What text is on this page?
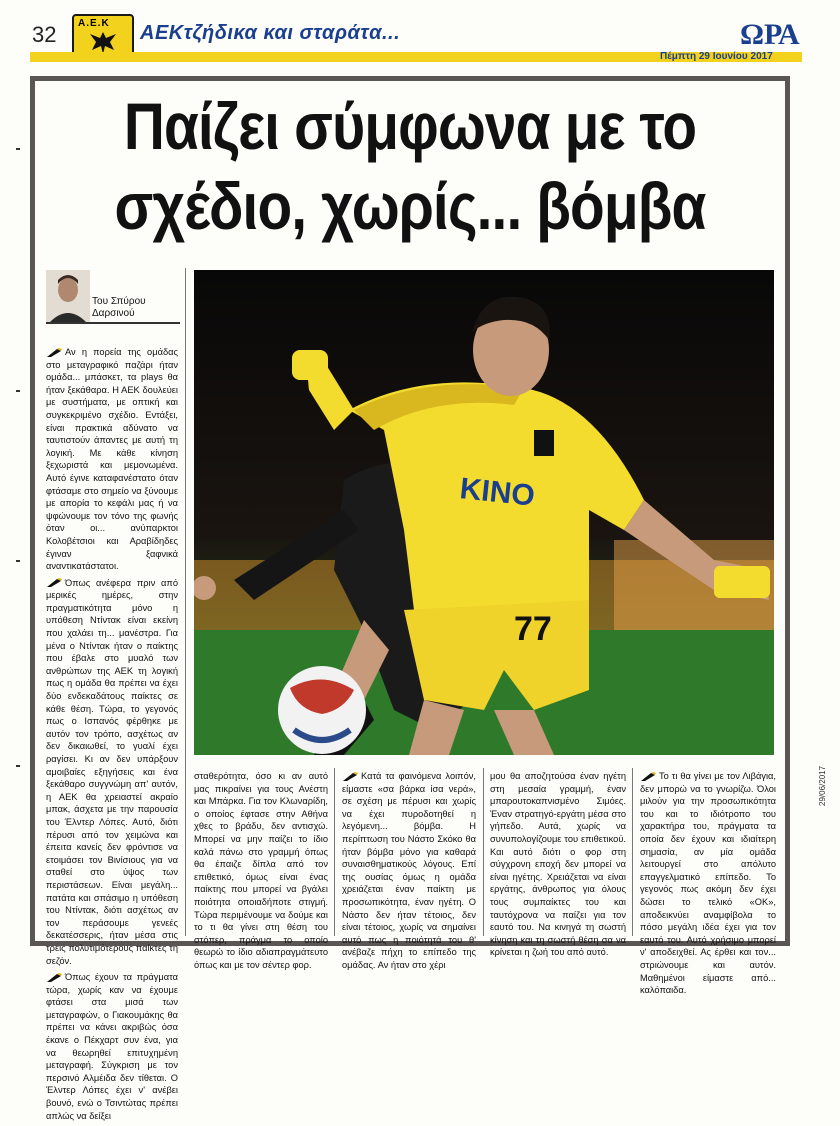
32 Α.Ε.Κ AEKτζήδικα και σταράτα...	ΩΡΑ
Πέμπτη 29 Ιουνίου 2017
Παίζει σύμφωνα με το
σχέδιο, χωρίς... βόμβα
Του Σπύρου
Δαρσινού
KINO
77

Αν η πορεία της ομάδας στο μεταγραφικό παζάρι ήταν ομάδα... μπάσκετ, τα plays θα ήταν ξεκάθαρα. Η ΑΕΚ δουλεύει με συστήματα, με οπτική και συγκεκριμένο σχέδιο. Εντάξει, είναι πρακτικά αδύνατο να ταυτιστούν άπαντες με αυτή τη λογική. Με κάθε κίνηση ξεχωριστά και μεμονωμένα. Αυτό έγινε καταφανέστατο όταν φτάσαμε στο σημείο να ξύνουμε με απορία το κεφάλι μας ή να ψφώνουμε τον τόνο της φωνής όταν οι... ανύπαρκτοι Κολοβέτσιοι και Αραβίδηδες έγιναν ξαφνικά αναντικατάστατοι.

Όπως ανέφερα πριν από μερικές ημέρες, στην πραγματικότητα μόνο η υπόθεση Ντίντακ είναι εκείνη που χαλάει τη... μανέστρα. Για μένα ο Ντίντακ ήταν ο παίκτης που έβαλε στο μυαλό των ανθρώπων της ΑΕΚ τη λογική πως η ομάδα θα πρέπει να έχει δύο ενδεκαδάτους παίκτες σε κάθε θέση. Τώρα, το γεγονός πως ο Ισπανός φέρθηκε με αυτόν τον τρόπο, ασχέτως αν δεν δικαιωθεί, το γυαλί έχει ραγίσει. Κι αν δεν υπάρξουν αμοιβαίες εξηγήσεις και ένα ξεκάθαρο συγγνώμη απ' αυτόν, η ΑΕΚ θα χρειαστεί ακραίο μπακ, άσχετα με την παρουσία του Έλντερ Λόπες. Αυτό, διότι πέρυσι από τον χειμώνα και έπειτα κανείς δεν φρόντισε να ετοιμάσει τον Βινίσιους για να σταθεί στο ύψος των περιστάσεων. Είναι μεγάλη... πατάτα και σπάσιμο η υπόθεση του Ντίντακ, διότι ασχέτως αν τον περάσουμε γενεές δεκατέσσερις, ήταν μέσα στις τρεις πολυτιμότερους παίκτες τη σεζόν.

Όπως έχουν τα πράγματα τώρα, χωρίς καν να έχουμε φτάσει στα μισά των μεταγραφών, ο Γιακουμάκης θα πρέπει να κάνει ακριβώς όσα έκανε ο Πέκχαρτ συν ένα, για να θεωρηθεί επιτυχημένη μεταγραφή. Σύγκριση με τον περσινό Αλμέιδα δεν τίθεται. Ο Έλντερ Λόπες έχει ν' ανέβει βουνό, ενώ ο Τσιντώτας πρέπει απλώς να δείξει

σταθερότητα, όσο κι αν αυτό μας πικραίνει για τους Ανέστη και Μπάρκα. Για τον Κλωναρίδη, ο οποίος έφτασε στην Αθήνα χθες το βράδυ, δεν αντισχώ. Μπορεί να μην παίζει το ίδιο καλά πάνω στο γραμμή όπως θα έπαιζε δίπλα από τον επιθετικό, όμως είναι ένας παίκτης που μπορεί να βγάλει ποιότητα οποιαδήποτε στιγμή. Τώρα περιμένουμε να δούμε και το τι θα γίνει στη θέση του στόπερ, πράγμα το οποίο θεωρώ το ίδιο αδιαπραγμάτευτο όπως και με τον σέντερ φορ.

Κατά τα φαινόμενα λοιπόν, είμαστε «σα βάρκα ίσα νερά», σε σχέση με πέρυσι και χωρίς να έχει πυροδοτηθεί η λεγόμενη... βόμβα. Η περίπτωση του Νάστο Σκόκο θα ήταν βόμβα μόνο για καθαρά συναισθηματικούς λόγους. Επί της ουσίας όμως η ομάδα χρειάζεται έναν παίκτη με προσωπικότητα, έναν ηγέτη. Ο Νάστο δεν ήταν τέτοιος, δεν είναι τέτοιος, χωρίς να σημαίνει αυτό πως η ποιότητά του θ' ανέβαζε πήχη το επίπεδο της ομάδας. Αν ήταν στο χέρι

μου θα αποζητούσα έναν ηγέτη στη μεσαία γραμμή, έναν μπαρουτοκαπνισμένο Σιμόες. Έναν στρατηγό-εργάτη μέσα στο γήπεδο. Αυτά, χωρίς να συνυπολογίζουμε του επιθετικού. Και αυτό διότι ο φορ στη σύγχρονη εποχή δεν μπορεί να είναι ηγέτης. Χρειάζεται να είναι εργάτης, άνθρωπος για όλους τους συμπαίκτες του και ταυτόχρονα να παίζει για τον εαυτό του. Να κινηγά τη σωστή κίνηση και τη σωστή θέση σα να κρίνεται η ζωή του από αυτό.

Το τι θα γίνει με τον Λιβάγια, δεν μπορώ να το γνωρίζω. Όλοι μιλούν για την προσωπικότητα του και το ιδιότροπο του χαρακτήρα του, πράγματα τα οποία δεν έχουν και ιδιαίτερη σημασία, αν μία ομάδα λειτουργεί στο απόλυτο επαγγελματικό επίπεδο. Το γεγονός πως ακόμη δεν έχει δώσει το τελικό «ΟΚ», αποδεικνύει αναμφίβολα το πόσο μεγάλη ιδέα έχει για τον εαυτό του. Αυτό χρήσιμο μπορεί ν' αποδειχθεί. Ας έρθει και τον... στριώνουμε και αυτόν. Μαθημένοι είμαστε από... καλόπαιδα.

29/06/2017
